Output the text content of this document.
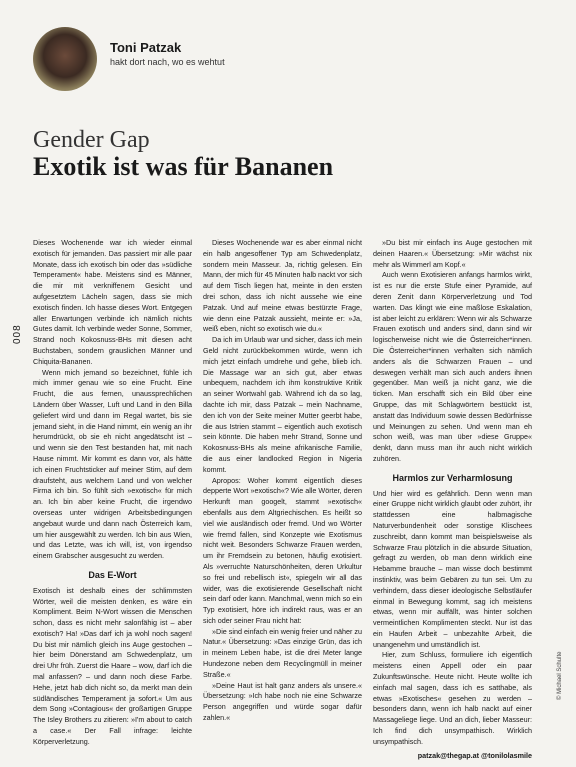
Toni Patzak
hakt dort nach, wo es wehtut
Gender Gap
Exotik ist was für Bananen
008
© Michael Schulte

Dieses Wochenende war ich wieder einmal exotisch für jemanden. Das passiert mir alle paar Monate, dass ich exotisch bin oder das »südliche Temperament« habe. Meistens sind es Männer, die mir mit verkniffenem Gesicht und aufgesetztem Lächeln sagen, dass sie mich exotisch finden. Ich hasse dieses Wort. Entgegen aller Erwartungen verbinde ich nämlich nichts Gutes damit. Ich verbinde weder Sonne, Sommer, Strand noch Kokosnuss-BHs mit diesen acht Buchstaben, sondern grauslichen Männer und Chiquita-Bananen.

Wenn mich jemand so bezeichnet, fühle ich mich immer genau wie so eine Frucht. Eine Frucht, die aus fernen, unaussprechlichen Ländern über Wasser, Luft und Land in den Billa geliefert wird und dann im Regal wartet, bis sie jemand sieht, in die Hand nimmt, ein wenig an ihr herumdrückt, ob sie eh nicht angedätscht ist – und wenn sie den Test bestanden hat, mit nach Hause nimmt. Mir kommt es dann vor, als hätte ich einen Fruchtsticker auf meiner Stirn, auf dem draufsteht, aus welchem Land und von welcher Firma ich bin. So fühlt sich »exotisch« für mich an. Ich bin aber keine Frucht, die irgendwo overseas unter widrigen Arbeitsbedingungen angebaut wurde und dann nach Österreich kam, um hier ausgewählt zu werden. Ich bin aus Wien, und das Letzte, was ich will, ist, von irgendso einem Grabscher ausgesucht zu werden.

Das E-Wort

Exotisch ist deshalb eines der schlimmsten Wörter, weil die meisten denken, es wäre ein Kompliment. Beim N-Wort wissen die Menschen schon, dass es nicht mehr salonfähig ist – aber exotisch? Ha! »Das darf ich ja wohl noch sagen! Du bist mir nämlich gleich ins Auge gestochen – hier beim Dönerstand am Schwedenplatz, um drei Uhr früh. Zuerst die Haare – wow, darf ich die mal anfassen? – und dann noch diese Farbe. Hehe, jetzt hab dich nicht so, da merkt man dein südländisches Temperament ja sofort.« Um aus dem Song »Contagious« der großartigen Gruppe The Isley Brothers zu zitieren: »I'm about to catch a case.« Der Fall infrage: leichte Körperverletzung.

Dieses Wochenende war es aber einmal nicht ein halb angesoffener Typ am Schwedenplatz, sondern mein Masseur. Ja, richtig gelesen. Ein Mann, der mich für 45 Minuten halb nackt vor sich auf dem Tisch liegen hat, meinte in den ersten drei schon, dass ich nicht aussehe wie eine Patzak. Und auf meine etwas bestürzte Frage, wie denn eine Patzak aussieht, meinte er: »Ja, weiß eben, nicht so exotisch wie du.«

Da ich im Urlaub war und sicher, dass ich mein Geld nicht zurückbekommen würde, wenn ich mich jetzt einfach umdrehe und gehe, blieb ich. Die Massage war an sich gut, aber etwas unbequem, nachdem ich ihm konstruktive Kritik an seiner Wortwahl gab. Während ich da so lag, dachte ich mir, dass Patzak – mein Nachname, den ich von der Seite meiner Mutter geerbt habe, die aus Istrien stammt – eigentlich auch exotisch sein könnte. Die haben mehr Strand, Sonne und Kokosnuss-BHs als meine afrikanische Familie, die aus einer landlocked Region in Nigeria kommt.

Apropos: Woher kommt eigentlich dieses depperte Wort »exotisch«? Wie alle Wörter, deren Herkunft man googelt, stammt »exotisch« ebenfalls aus dem Altgriechischen. Es heißt so viel wie ausländisch oder fremd. Und wo Wörter wie fremd fallen, sind Konzepte wie Exotismus nicht weit. Besonders Schwarze Frauen werden, um ihr Fremdsein zu betonen, häufig exotisiert. Als »verruchte Naturschönheiten, deren Urkultur so frei und rebellisch ist«, spiegeln wir all das wider, was die exotisierende Gesellschaft nicht sein darf oder kann. Manchmal, wenn mich so ein Typ exotisiert, höre ich indirekt raus, was er an sich oder seiner Frau nicht hat:

»Die sind einfach ein wenig freier und näher zu Natur.« Übersetzung: »Das einzige Grün, das ich in meinem Leben habe, ist die drei Meter lange Hundezone neben dem Recyclingmüll in meiner Straße.«

»Deine Haut ist halt ganz anders als unsere.« Übersetzung: »Ich habe noch nie eine Schwarze Person angegriffen und würde sogar dafür zahlen.«

»Du bist mir einfach ins Auge gestochen mit deinen Haaren.« Übersetzung: »Mir wächst nix mehr als Wimmerl am Kopf.«

Auch wenn Exotisieren anfangs harmlos wirkt, ist es nur die erste Stufe einer Pyramide, auf deren Zenit dann Körperverletzung und Tod warten. Das klingt wie eine maßlose Eskalation, ist aber leicht zu erklären: Wenn wir als Schwarze Frauen exotisch und anders sind, dann sind wir logischerweise nicht wie die Österreicher*innen. Die Österreicher*innen verhalten sich nämlich anders als die Schwarzen Frauen – und deswegen verhält man sich auch anders ihnen gegenüber. Man weiß ja nicht ganz, wie die ticken. Man erschafft sich ein Bild über eine Gruppe, das mit Schlagwörtern bestückt ist, anstatt das Individuum sowie dessen Bedürfnisse und Meinungen zu sehen. Und wenn man eh schon weiß, was man über »diese Gruppe« denkt, dann muss man ihr auch nicht wirklich zuhören.

Harmlos zur Verharmlosung

Und hier wird es gefährlich. Denn wenn man einer Gruppe nicht wirklich glaubt oder zuhört, ihr stattdessen eine halbmagische Naturverbundenheit oder sonstige Klischees zuschreibt, dann kommt man beispielsweise als Schwarze Frau plötzlich in die absurde Situation, gefragt zu werden, ob man denn wirklich eine Hebamme brauche – man wisse doch bestimmt instinktiv, was beim Gebären zu tun sei. Um zu verhindern, dass dieser ideologische Selbstläufer einmal in Bewegung kommt, sag ich meistens etwas, wenn mir auffällt, was hinter solchen vermeintlichen Komplimenten steckt. Nur ist das ein Haufen Arbeit – unbezahlte Arbeit, die unangenehm und umständlich ist.

Hier, zum Schluss, formuliere ich eigentlich meistens einen Appell oder ein paar Zukunftswünsche. Heute nicht. Heute wollte ich einfach mal sagen, dass ich es satthabe, als etwas »Exotisches« gesehen zu werden – besonders dann, wenn ich halb nackt auf einer Massageliege liege. Und an dich, lieber Masseur: Ich find dich unsympathisch. Wirklich unsympathisch.

patzak@thegap.at @tonilolasmile
